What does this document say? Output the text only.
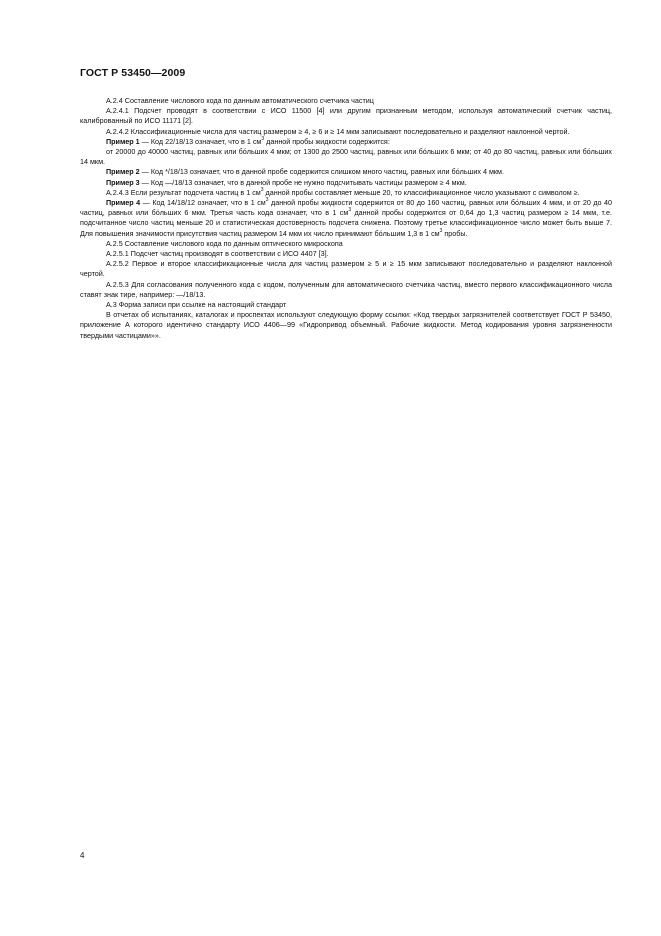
ГОСТ Р 53450—2009

А.2.4 Составление числового кода по данным автоматического счетчика частиц

А.2.4.1 Подсчет проводят в соответствии с ИСО 11500 [4] или другим признанным методом, используя автоматический счетчик частиц, калиброванный по ИСО 11171 [2].

А.2.4.2 Классификационные числа для частиц размером ≥ 4, ≥ 6 и ≥ 14 мкм записывают последовательно и разделяют наклонной чертой.

Пример 1 — Код 22/18/13 означает, что в 1 $см^3$ данной пробы жидкости содержится:

от 20000 до 40000 частиц, равных или бо́льших 4 мкм; от 1300 до 2500 частиц, равных или бо́льших 6 мкм; от 40 до 80 частиц, равных или бо́льших 14 мкм.

Пример 2 — Код */18/13 означает, что в данной пробе содержится слишком много частиц, равных или бо́льших 4 мкм.

Пример 3 — Код —/18/13 означает, что в данной пробе не нужно подсчитывать частицы размером ≥ 4 мкм.

А.2.4.3 Если результат подсчета частиц в 1 $см^3$ данной пробы составляет меньше 20, то классификационное число указывают с символом ≥.

Пример 4 — Код 14/18/12 означает, что в 1 $см^3$ данной пробы жидкости содержится от 80 до 160 частиц, равных или бо́льших 4 мкм, и от 20 до 40 частиц, равных или бо́льших 6 мкм. Третья часть кода означает, что в 1 $см^3$ данной пробы содержится от 0,64 до 1,3 частиц размером ≥ 14 мкм, т.е. подсчитанное число частиц меньше 20 и статистическая достоверность подсчета снижена. Поэтому третье классификационное число может быть выше 7. Для повышения значимости присутствия частиц размером 14 мкм их число принимают бо́льшим 1,3 в 1 $см^3$ пробы.

А.2.5 Составление числового кода по данным оптического микроскопа

А.2.5.1 Подсчет частиц производят в соответствии с ИСО 4407 [3].

А.2.5.2 Первое и второе классификационные числа для частиц размером ≥ 5 и ≥ 15 мкм записывают последовательно и разделяют наклонной чертой.

А.2.5.3 Для согласования полученного кода с кодом, полученным для автоматического счетчика частиц, вместо первого классификационного числа ставят знак тире, например: —/18/13.

А.3 Форма записи при ссылке на настоящий стандарт

В отчетах об испытаниях, каталогах и проспектах используют следующую форму ссылки: «Код твердых загрязнителей соответствует ГОСТ Р 53450, приложение А которого идентично стандарту ИСО 4406—99 «Гидропривод объемный. Рабочие жидкости. Метод кодирования уровня загрязненности твердыми частицами»».

4
